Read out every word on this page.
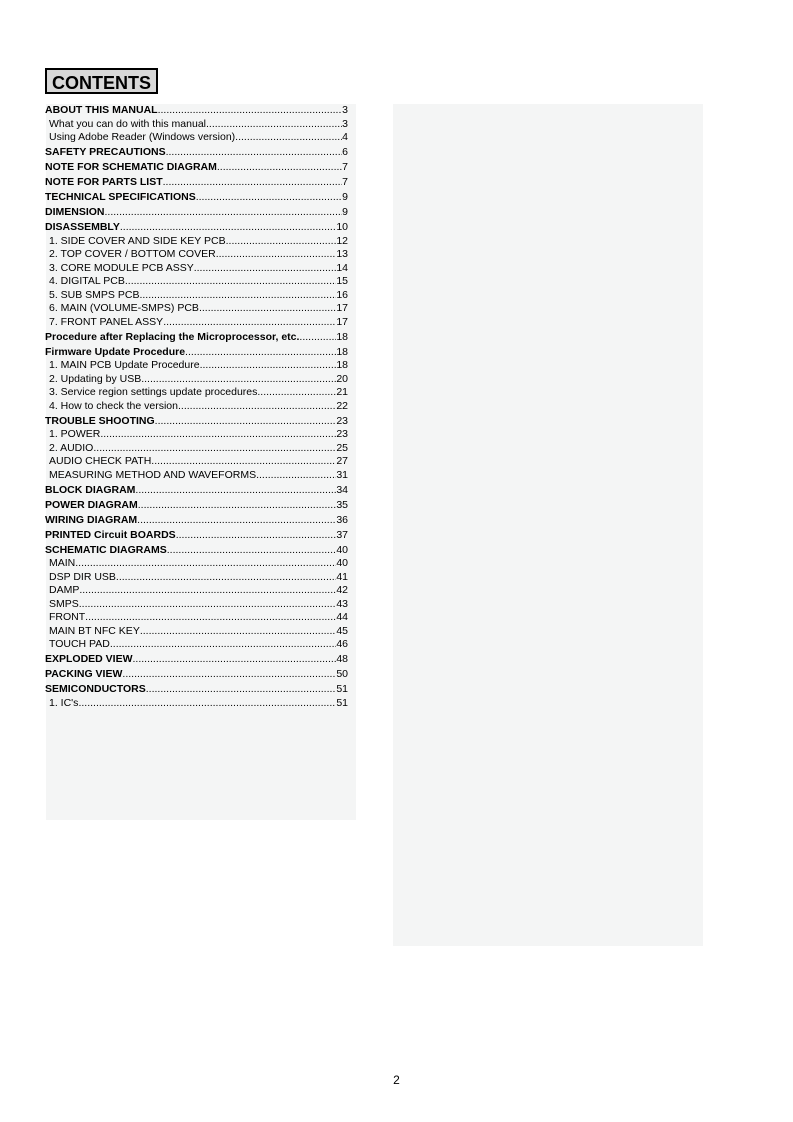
CONTENTS
ABOUT THIS MANUAL .....	3
What you can do with this manual .....	3
Using Adobe Reader (Windows version) .....	4
SAFETY PRECAUTIONS .....	6
NOTE FOR SCHEMATIC DIAGRAM .....	7
NOTE FOR PARTS LIST .....	7
TECHNICAL SPECIFICATIONS .....	9
DIMENSION .....	9
DISASSEMBLY .....	10
1. SIDE COVER AND SIDE KEY PCB .....	12
2. TOP COVER / BOTTOM COVER .....	13
3. CORE MODULE PCB ASSY .....	14
4. DIGITAL PCB .....	15
5. SUB SMPS PCB .....	16
6. MAIN (VOLUME-SMPS) PCB .....	17
7. FRONT PANEL ASSY .....	17
Procedure after Replacing the Microprocessor, etc. .....	18
Firmware Update Procedure .....	18
1. MAIN PCB Update Procedure .....	18
2. Updating by USB .....	20
3. Service region settings update procedures .....	21
4. How to check the version .....	22
TROUBLE SHOOTING .....	23
1. POWER .....	23
2. AUDIO .....	25
AUDIO CHECK PATH .....	27
MEASURING METHOD AND WAVEFORMS .....	31
BLOCK DIAGRAM .....	34
POWER DIAGRAM .....	35
WIRING DIAGRAM .....	36
PRINTED Circuit BOARDS .....	37
SCHEMATIC DIAGRAMS .....	40
MAIN .....	40
DSP DIR USB .....	41
DAMP .....	42
SMPS .....	43
FRONT .....	44
MAIN BT NFC KEY .....	45
TOUCH PAD .....	46
EXPLODED VIEW .....	48
PACKING VIEW .....	50
SEMICONDUCTORS .....	51
1. IC's .....	51
2
